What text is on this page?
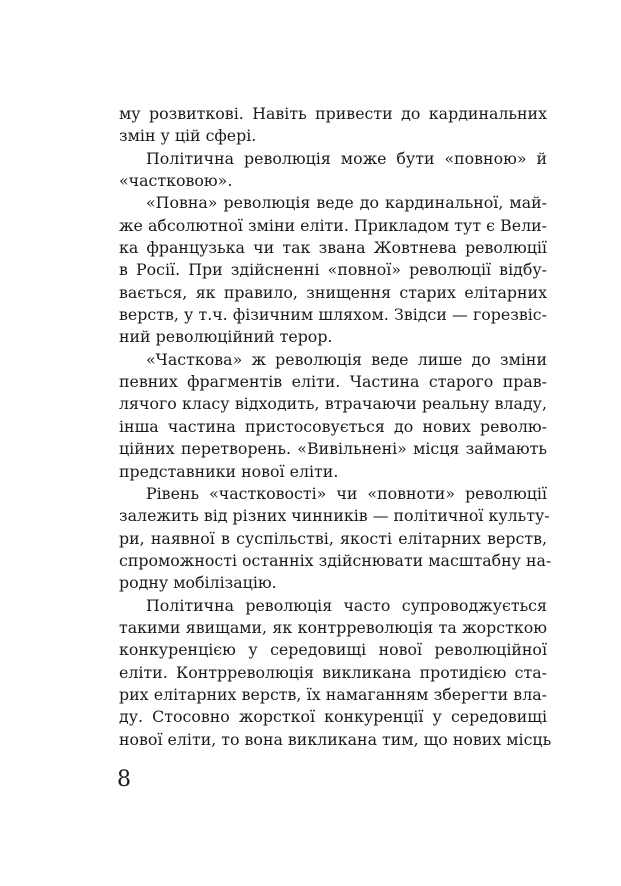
му розвиткові. Навіть привести до кардинальних
змін у цій сфері.
Політична революція може бути «повною» й
«частковою».
«Повна» революція веде до кардинальної, май-
же абсолютної зміни еліти. Прикладом тут є Вели-
ка французька чи так звана Жовтнева революції
в Росії. При здійсненні «повної» революції відбу-
вається, як правило, знищення старих елітарних
верств, у т.ч. фізичним шляхом. Звідси — горезвіс-
ний революційний терор.
«Часткова» ж революція веде лише до зміни
певних фрагментів еліти. Частина старого прав-
лячого класу відходить, втрачаючи реальну владу,
інша частина пристосовується до нових револю-
ційних перетворень. «Вивільнені» місця займають
представники нової еліти.
Рівень «частковості» чи «повноти» революції
залежить від різних чинників — політичної культу-
ри, наявної в суспільстві, якості елітарних верств,
спроможності останніх здійснювати масштабну на-
родну мобілізацію.
Політична революція часто супроводжується
такими явищами, як контрреволюція та жорсткою
конкуренцією у середовищі нової революційної
еліти. Контрреволюція викликана протидією ста-
рих елітарних верств, їх намаганням зберегти вла-
ду. Стосовно жорсткої конкуренції у середовищі
нової еліти, то вона викликана тим, що нових місць
8
